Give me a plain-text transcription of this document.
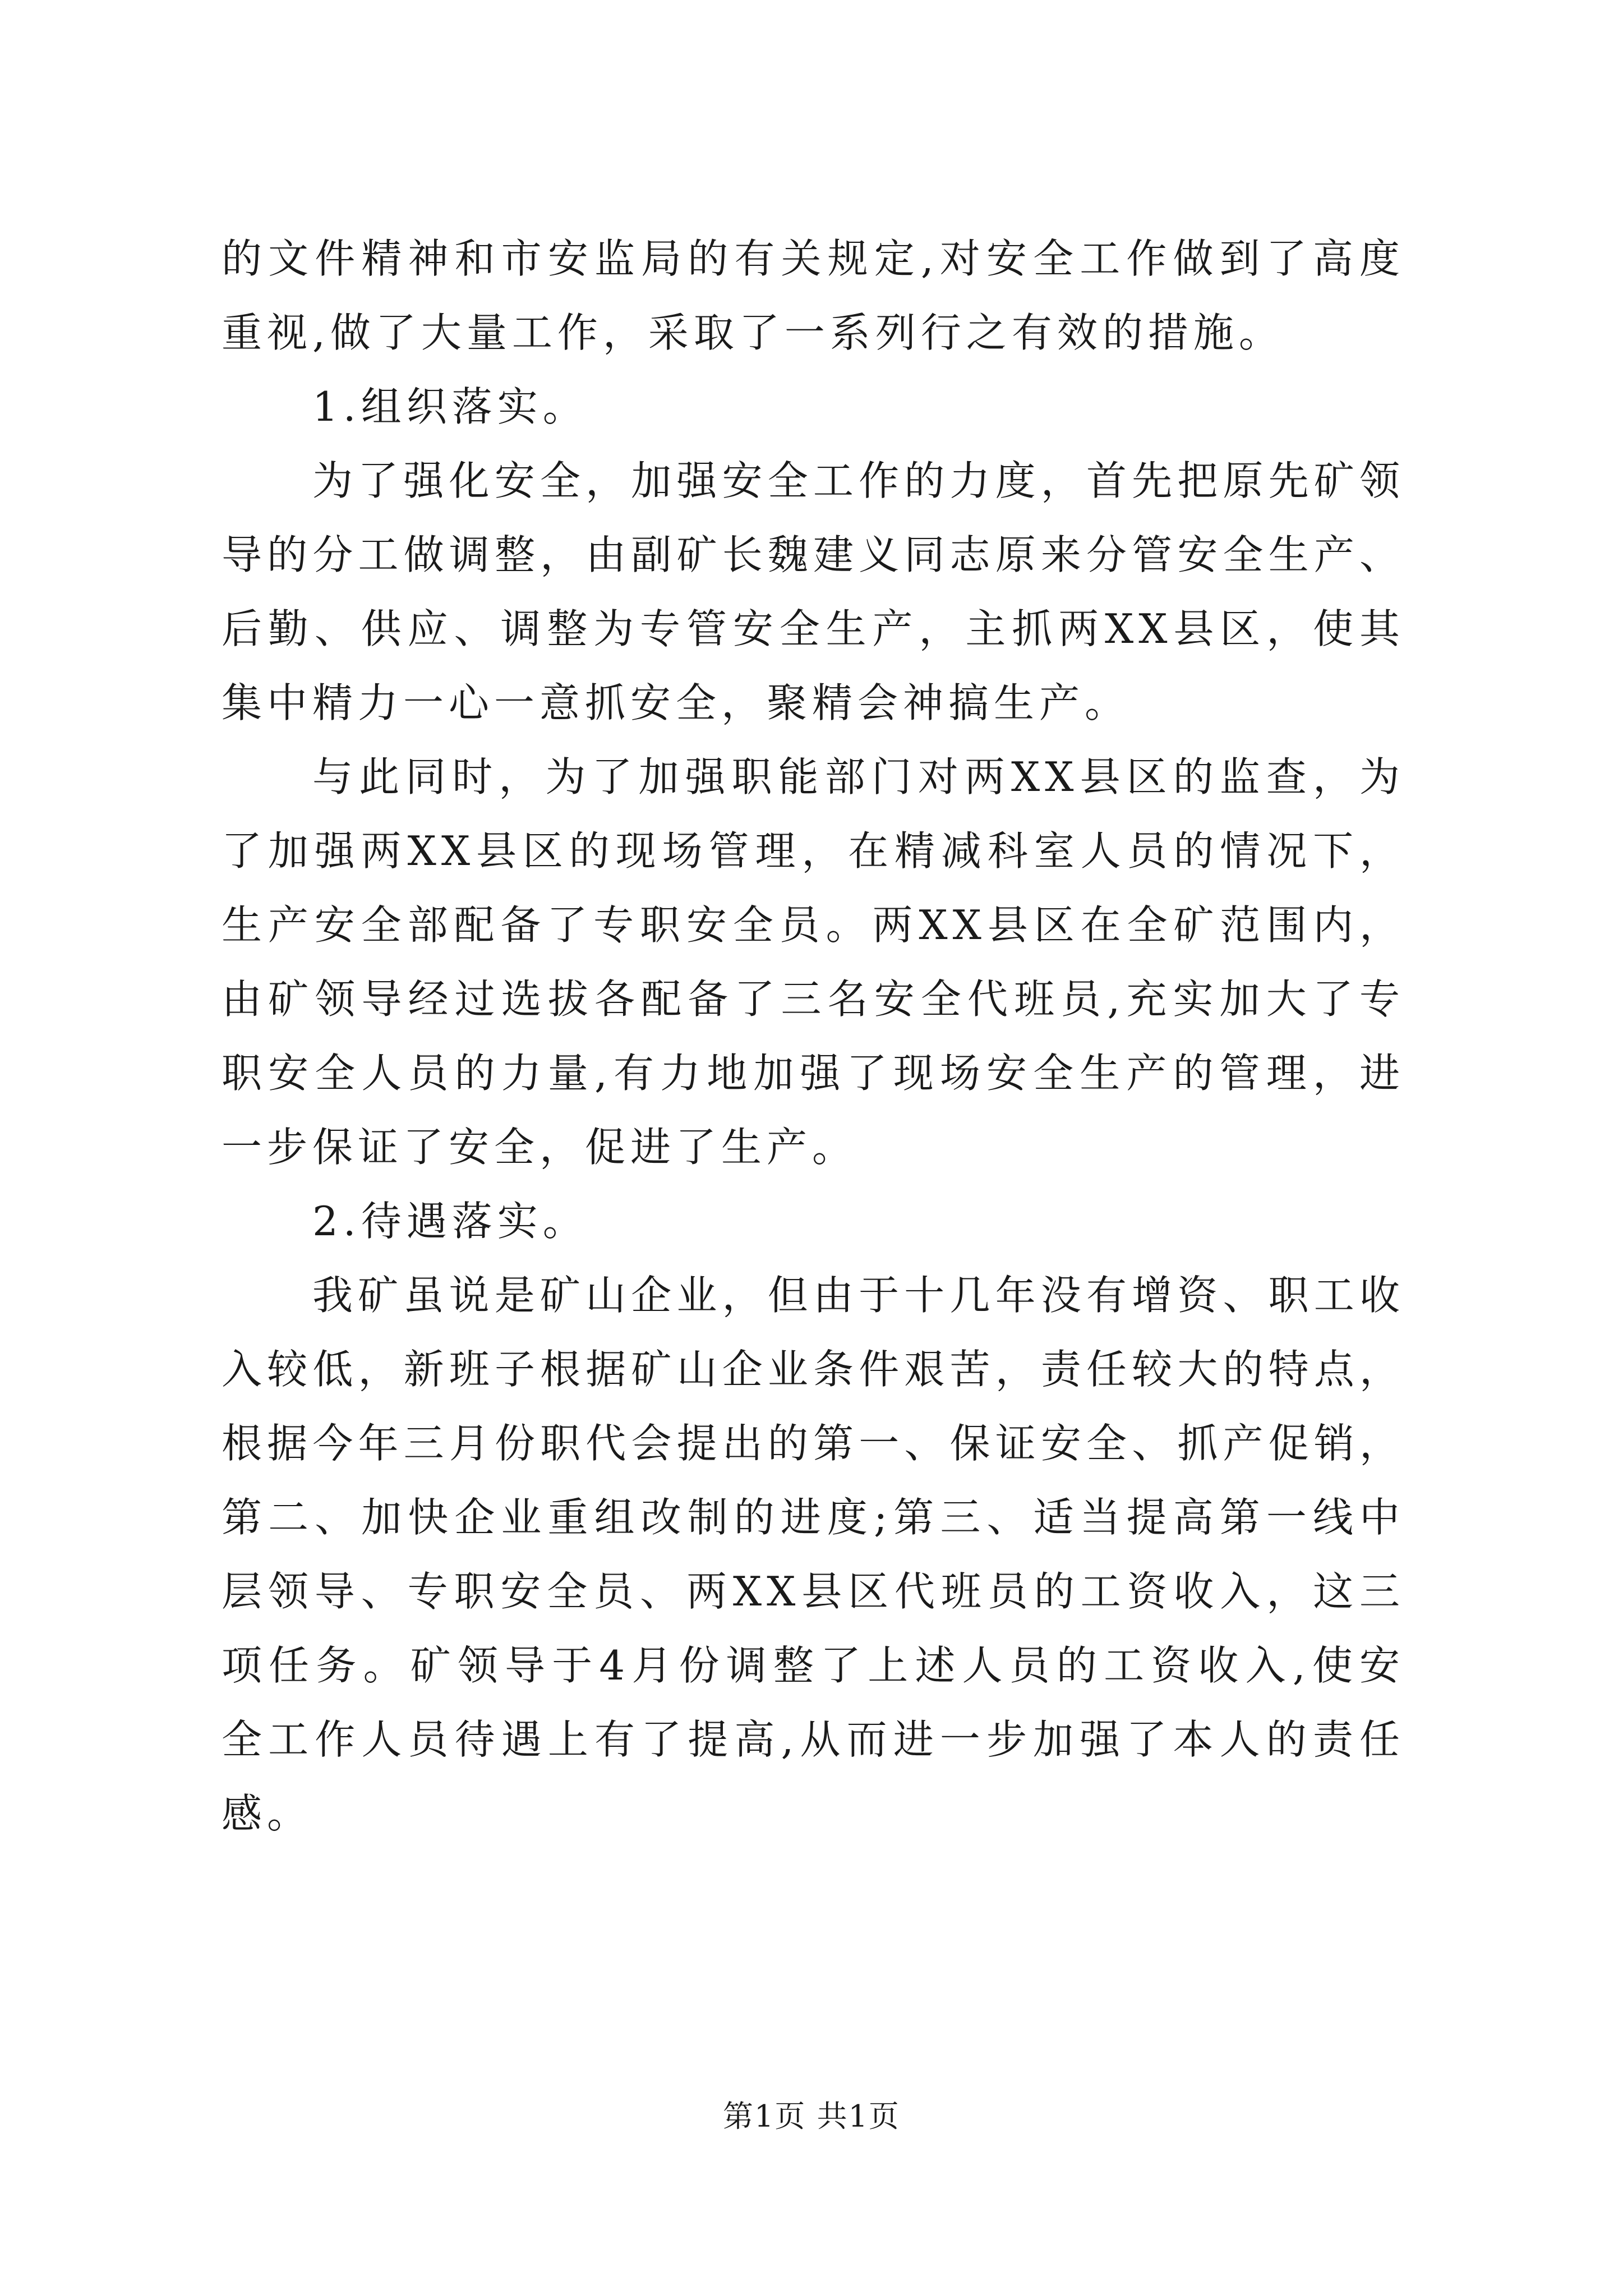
的文件精神和市安监局的有关规定,对安全工作做到了高度重视,做了大量工作，采取了一系列行之有效的措施。

1.组织落实。

为了强化安全，加强安全工作的力度，首先把原先矿领导的分工做调整，由副矿长魏建义同志原来分管安全生产、后勤、供应、调整为专管安全生产，主抓两XX县区，使其集中精力一心一意抓安全，聚精会神搞生产。

与此同时，为了加强职能部门对两XX县区的监查，为了加强两XX县区的现场管理，在精减科室人员的情况下，生产安全部配备了专职安全员。两XX县区在全矿范围内，由矿领导经过选拔各配备了三名安全代班员,充实加大了专职安全人员的力量,有力地加强了现场安全生产的管理，进一步保证了安全，促进了生产。

2.待遇落实。

我矿虽说是矿山企业，但由于十几年没有增资、职工收入较低，新班子根据矿山企业条件艰苦，责任较大的特点，根据今年三月份职代会提出的第一、保证安全、抓产促销，第二、加快企业重组改制的进度;第三、适当提高第一线中层领导、专职安全员、两XX县区代班员的工资收入，这三项任务。矿领导于4月份调整了上述人员的工资收入,使安全工作人员待遇上有了提高,从而进一步加强了本人的责任感。

第1页 共1页
